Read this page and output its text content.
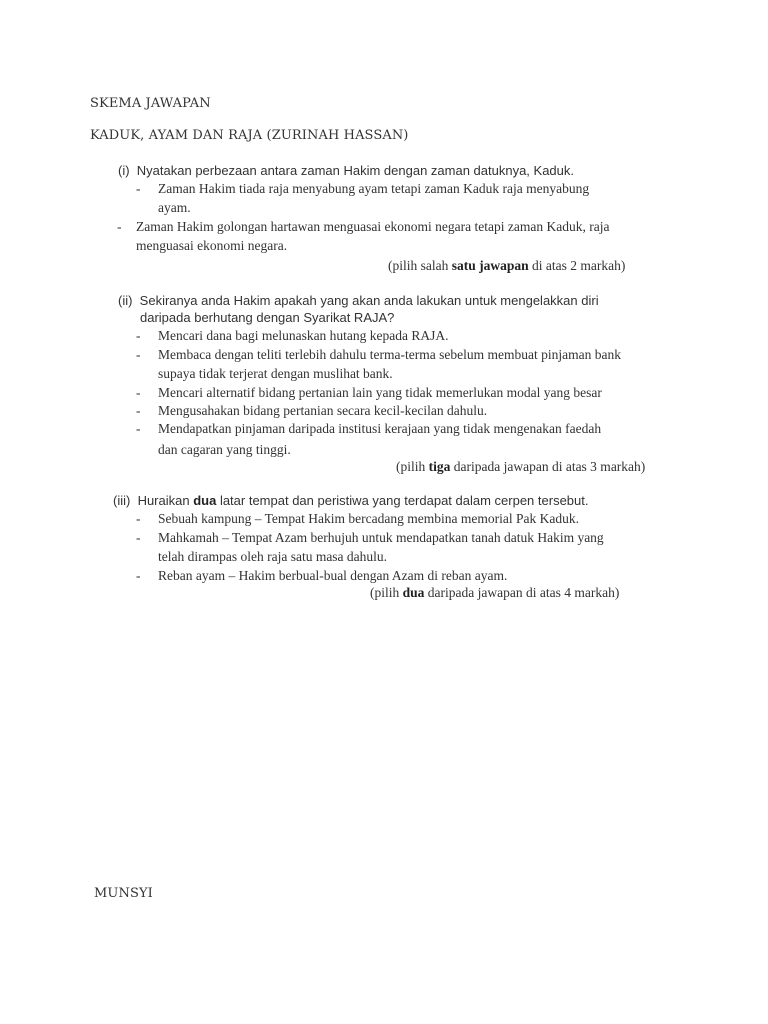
SKEMA JAWAPAN
KADUK, AYAM DAN RAJA (ZURINAH HASSAN)
(i) Nyatakan perbezaan antara zaman Hakim dengan zaman datuknya, Kaduk.
- Zaman Hakim tiada raja menyabung ayam tetapi zaman Kaduk raja menyabung
ayam.
- Zaman Hakim golongan hartawan menguasai ekonomi negara tetapi zaman Kaduk, raja
menguasai ekonomi negara.
(pilih salah satu jawapan di atas 2 markah)
(ii) Sekiranya anda Hakim apakah yang akan anda lakukan untuk mengelakkan diri
daripada berhutang dengan Syarikat RAJA?
- Mencari dana bagi melunaskan hutang kepada RAJA.
- Membaca dengan teliti terlebih dahulu terma-terma sebelum membuat pinjaman bank
supaya tidak terjerat dengan muslihat bank.
- Mencari alternatif bidang pertanian lain yang tidak memerlukan modal yang besar
- Mengusahakan bidang pertanian secara kecil-kecilan dahulu.
- Mendapatkan pinjaman daripada institusi kerajaan yang tidak mengenakan faedah
dan cagaran yang tinggi.
(pilih tiga daripada jawapan di atas 3 markah)
(iii) Huraikan dua latar tempat dan peristiwa yang terdapat dalam cerpen tersebut.
- Sebuah kampung – Tempat Hakim bercadang membina memorial Pak Kaduk.
- Mahkamah – Tempat Azam berhujuh untuk mendapatkan tanah datuk Hakim yang
telah dirampas oleh raja satu masa dahulu.
- Reban ayam – Hakim berbual-bual dengan Azam di reban ayam.
(pilih dua daripada jawapan di atas 4 markah)
MUNSYI
